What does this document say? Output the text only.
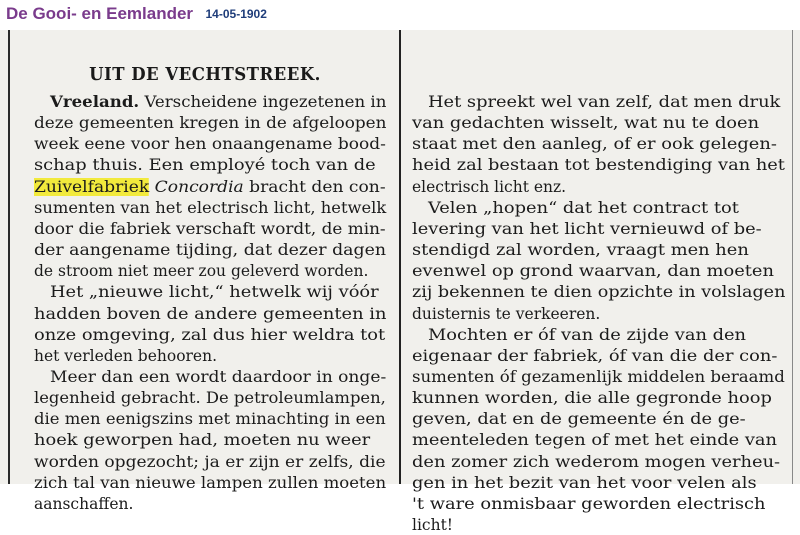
De Gooi- en Eemlander 14-05-1902
UIT DE VECHTSTREEK.
Vreeland. Verscheidene ingezetenen in
deze gemeenten kregen in de afgeloopen
week eene voor hen onaangename bood-
schap thuis. Een employé toch van de
Zuivelfabriek Concordia bracht den con-
sumenten van het electrisch licht, hetwelk
door die fabriek verschaft wordt, de min-
der aangename tijding, dat dezer dagen
de stroom niet meer zou geleverd worden.
Het „nieuwe licht,“ hetwelk wij vóór
hadden boven de andere gemeenten in
onze omgeving, zal dus hier weldra tot
het verleden behooren.
Meer dan een wordt daardoor in onge-
legenheid gebracht. De petroleumlampen,
die men eenigszins met minachting in een
hoek geworpen had, moeten nu weer
worden opgezocht; ja er zijn er zelfs, die
zich tal van nieuwe lampen zullen moeten
aanschaffen.
Het spreekt wel van zelf, dat men druk
van gedachten wisselt, wat nu te doen
staat met den aanleg, of er ook gelegen-
heid zal bestaan tot bestendiging van het
electrisch licht enz.
Velen „hopen“ dat het contract tot
levering van het licht vernieuwd of be-
stendigd zal worden, vraagt men hen
evenwel op grond waarvan, dan moeten
zij bekennen te dien opzichte in volslagen
duisternis te verkeeren.
Mochten er óf van de zijde van den
eigenaar der fabriek, óf van die der con-
sumenten óf gezamenlijk middelen beraamd
kunnen worden, die alle gegronde hoop
geven, dat en de gemeente én de ge-
meenteleden tegen of met het einde van
den zomer zich wederom mogen verheu-
gen in het bezit van het voor velen als
't ware onmisbaar geworden electrisch
licht!
